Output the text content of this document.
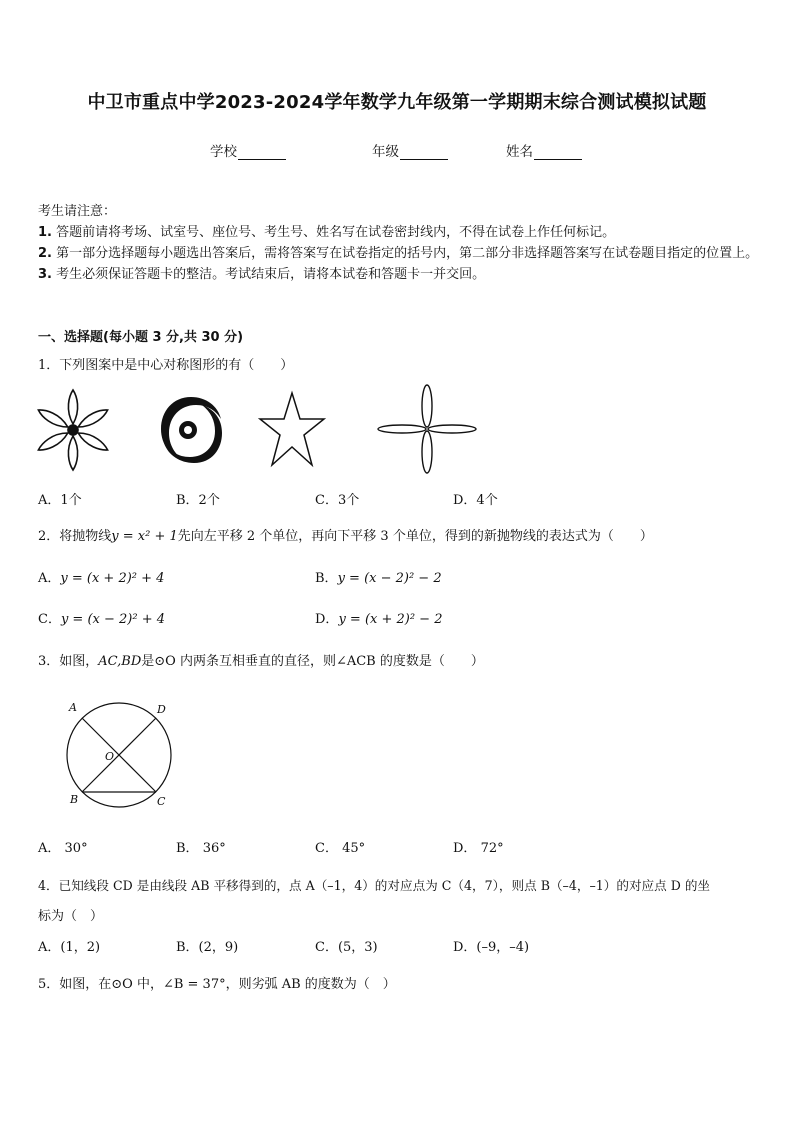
中卫市重点中学2023-2024学年数学九年级第一学期期末综合测试模拟试题
学校	年级	姓名

考生请注意：

1. 答题前请将考场、试室号、座位号、考生号、姓名写在试卷密封线内，不得在试卷上作任何标记。

2. 第一部分选择题每小题选出答案后，需将答案写在试卷指定的括号内，第二部分非选择题答案写在试卷题目指定的位置上。

3. 考生必须保证答题卡的整洁。考试结束后，请将本试卷和答题卡一并交回。

一、选择题(每小题 3 分,共 30 分)
1．下列图案中是中心对称图形的有（　　）
A．1个	B．2个	C．3个	D．4个
2．将抛物线y = x² + 1先向左平移 2 个单位，再向下平移 3 个单位，得到的新抛物线的表达式为（　　）
A．y = (x + 2)² + 4	B．y = (x − 2)² − 2
C．y = (x − 2)² + 4	D．y = (x + 2)² − 2
3．如图，AC,BD是⊙O 内两条互相垂直的直径，则∠ACB 的度数是（　　）
A	D
O
B	C
A． 30°	B． 36°	C． 45°	D． 72°
4．已知线段 CD 是由线段 AB 平移得到的，点 A（–1，4）的对应点为 C（4，7），则点 B（–4，–1）的对应点 D 的坐
标为（　）
A．(1，2)	B．(2，9)	C．(5，3)	D．(–9，–4)
5．如图，在⊙O 中，∠B = 37°，则劣弧 AB 的度数为（　）
